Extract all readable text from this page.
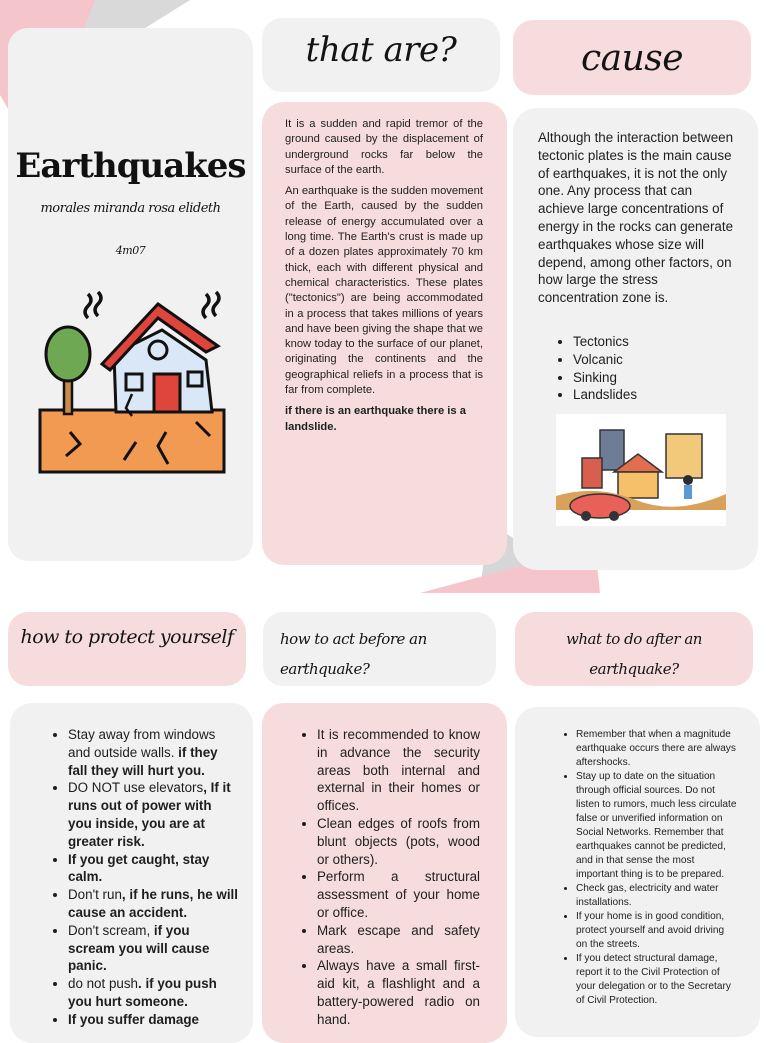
Earthquakes
morales miranda rosa elideth
4m07
that are?

It is a sudden and rapid tremor of the ground caused by the displacement of underground rocks far below the surface of the earth.

An earthquake is the sudden movement of the Earth, caused by the sudden release of energy accumulated over a long time. The Earth's crust is made up of a dozen plates approximately 70 km thick, each with different physical and chemical characteristics. These plates ("tectonics") are being accommodated in a process that takes millions of years and have been giving the shape that we know today to the surface of our planet, originating the continents and the geographical reliefs in a process that is far from complete.

if there is an earthquake there is a landslide.

cause
Although the interaction between tectonic plates is the main cause of earthquakes, it is not the only one. Any process that can achieve large concentrations of energy in the rocks can generate earthquakes whose size will depend, among other factors, on how large the stress concentration zone is.
• Tectonics
• Volcanic
• Sinking
• Landslides
how to protect yourself
• Stay away from windows and outside walls. if they fall they will hurt you.
• DO NOT use elevators, If it runs out of power with you inside, you are at greater risk.
• If you get caught, stay calm.
• Don't run, if he runs, he will cause an accident.
• Don't scream, if you scream you will cause panic.
• do not push. if you push you hurt someone.
• If you suffer damage
how to act before an
earthquake?
• It is recommended to know in advance the security areas both internal and external in their homes or offices.
• Clean edges of roofs from blunt objects (pots, wood or others).
• Perform a structural assessment of your home or office.
• Mark escape and safety areas.
• Always have a small first-aid kit, a flashlight and a battery-powered radio on hand.
what to do after an
earthquake?
• Remember that when a magnitude earthquake occurs there are always aftershocks.
• Stay up to date on the situation through official sources. Do not listen to rumors, much less circulate false or unverified information on Social Networks. Remember that earthquakes cannot be predicted, and in that sense the most important thing is to be prepared.
• Check gas, electricity and water installations.
• If your home is in good condition, protect yourself and avoid driving on the streets.
• If you detect structural damage, report it to the Civil Protection of your delegation or to the Secretary of Civil Protection.
